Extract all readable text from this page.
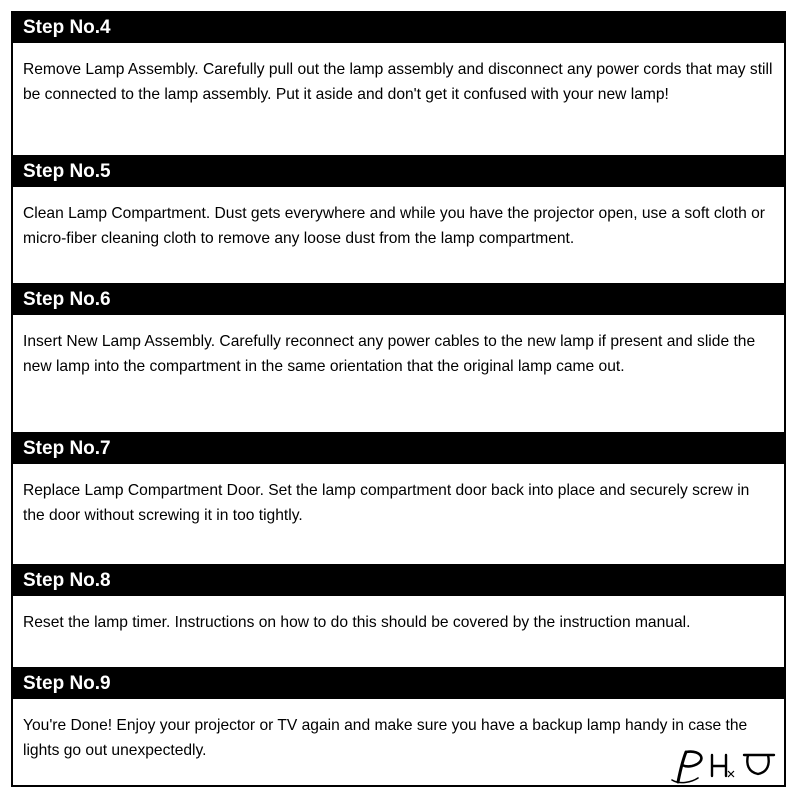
Step No.4
Remove Lamp Assembly. Carefully pull out the lamp assembly and disconnect any power cords that may still be connected to the lamp assembly. Put it aside and don't get it confused with your new lamp!
Step No.5
Clean Lamp Compartment. Dust gets everywhere and while you have the projector open, use a soft cloth or micro-fiber cleaning cloth to remove any loose dust from the lamp compartment.
Step No.6
Insert New Lamp Assembly. Carefully reconnect any power cables to the new lamp if present and slide the new lamp into the compartment in the same orientation that the original lamp came out.
Step No.7
Replace Lamp Compartment Door. Set the lamp compartment door back into place and securely screw in the door without screwing it in too tightly.
Step No.8
Reset the lamp timer. Instructions on how to do this should be covered by the instruction manual.
Step No.9
You're Done! Enjoy your projector or TV again and make sure you have a backup lamp handy in case the lights go out unexpectedly.
